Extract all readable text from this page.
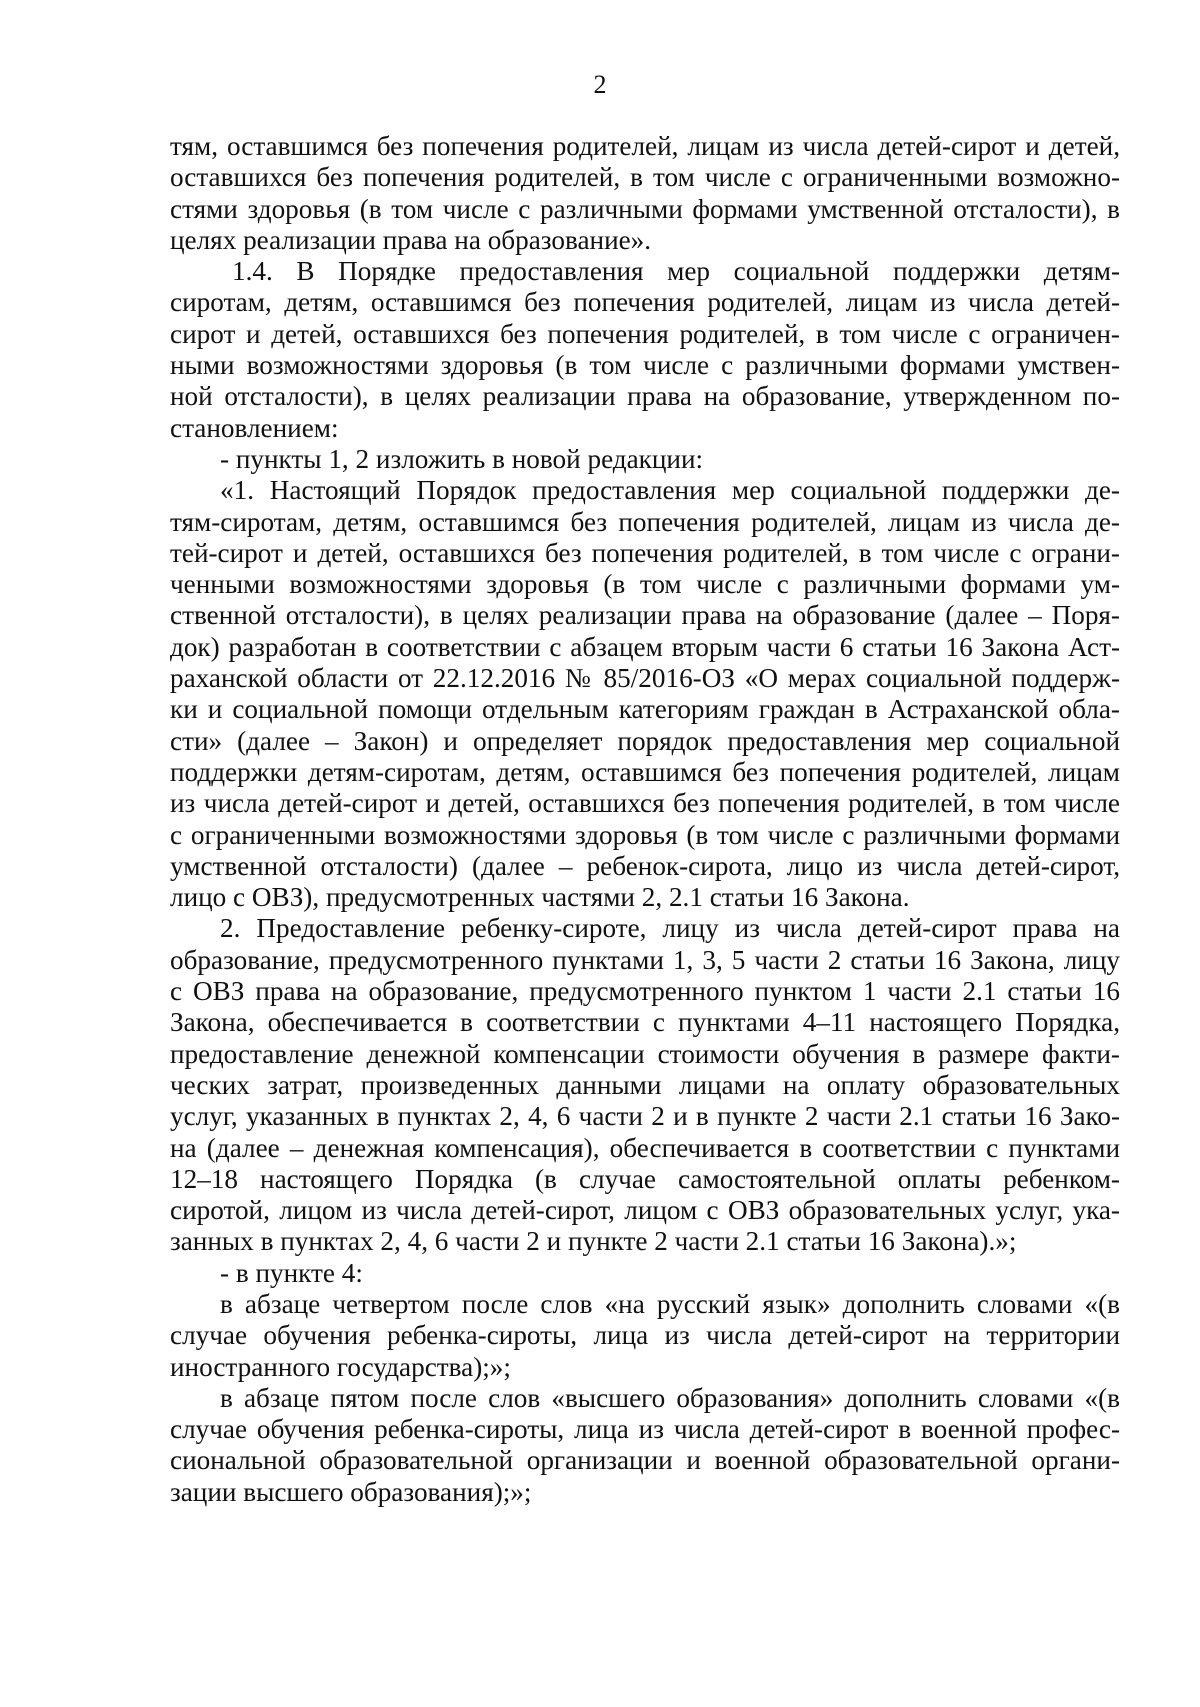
2
тям, оставшимся без попечения родителей, лицам из числа детей-сирот и детей,
оставшихся без попечения родителей, в том числе с ограниченными возможно-
стями здоровья (в том числе с различными формами умственной отсталости), в
целях реализации права на образование».
1.4. В Порядке предоставления мер социальной поддержки детям-
сиротам, детям, оставшимся без попечения родителей, лицам из числа детей-
сирот и детей, оставшихся без попечения родителей, в том числе с ограничен-
ными возможностями здоровья (в том числе с различными формами умствен-
ной отсталости), в целях реализации права на образование, утвержденном по-
становлением:
- пункты 1, 2 изложить в новой редакции:
«1. Настоящий Порядок предоставления мер социальной поддержки де-
тям-сиротам, детям, оставшимся без попечения родителей, лицам из числа де-
тей-сирот и детей, оставшихся без попечения родителей, в том числе с ограни-
ченными возможностями здоровья (в том числе с различными формами ум-
ственной отсталости), в целях реализации права на образование (далее – Поря-
док) разработан в соответствии с абзацем вторым части 6 статьи 16 Закона Аст-
раханской области от 22.12.2016 № 85/2016-ОЗ «О мерах социальной поддерж-
ки и социальной помощи отдельным категориям граждан в Астраханской обла-
сти» (далее – Закон) и определяет порядок предоставления мер социальной
поддержки детям-сиротам, детям, оставшимся без попечения родителей, лицам
из числа детей-сирот и детей, оставшихся без попечения родителей, в том числе
с ограниченными возможностями здоровья (в том числе с различными формами
умственной отсталости) (далее – ребенок-сирота, лицо из числа детей-сирот,
лицо с ОВЗ), предусмотренных частями 2, 2.1 статьи 16 Закона.
2. Предоставление ребенку-сироте, лицу из числа детей-сирот права на
образование, предусмотренного пунктами 1, 3, 5 части 2 статьи 16 Закона, лицу
с ОВЗ права на образование, предусмотренного пунктом 1 части 2.1 статьи 16
Закона, обеспечивается в соответствии с пунктами 4–11 настоящего Порядка,
предоставление денежной компенсации стоимости обучения в размере факти-
ческих затрат, произведенных данными лицами на оплату образовательных
услуг, указанных в пунктах 2, 4, 6 части 2 и в пункте 2 части 2.1 статьи 16 Зако-
на (далее – денежная компенсация), обеспечивается в соответствии с пунктами
12–18 настоящего Порядка (в случае самостоятельной оплаты ребенком-
сиротой, лицом из числа детей-сирот, лицом с ОВЗ образовательных услуг, ука-
занных в пунктах 2, 4, 6 части 2 и пункте 2 части 2.1 статьи 16 Закона).»;
- в пункте 4:
в абзаце четвертом после слов «на русский язык» дополнить словами «(в
случае обучения ребенка-сироты, лица из числа детей-сирот на территории
иностранного государства);»;
в абзаце пятом после слов «высшего образования» дополнить словами «(в
случае обучения ребенка-сироты, лица из числа детей-сирот в военной профес-
сиональной образовательной организации и военной образовательной органи-
зации высшего образования);»;
